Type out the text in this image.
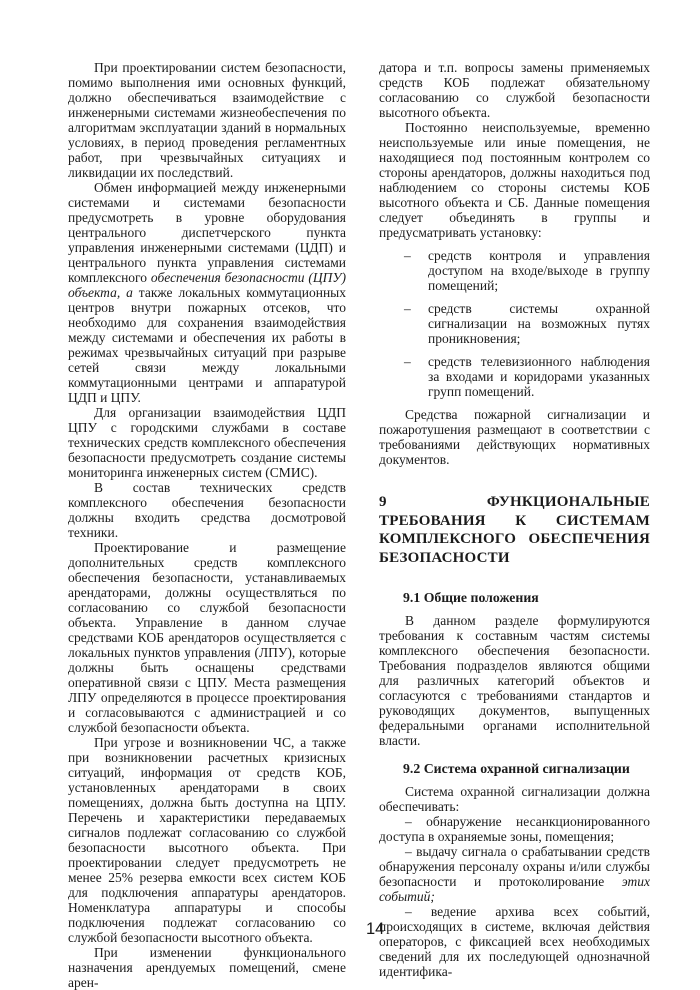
При проектировании систем безопасности, помимо выполнения ими основных функций, должно обеспечиваться взаимодействие с инженерными системами жизнеобеспечения по алгоритмам эксплуатации зданий в нормальных условиях, в период проведения регламентных работ, при чрезвычайных ситуациях и ликвидации их последствий.

Обмен информацией между инженерными системами и системами безопасности предусмотреть в уровне оборудования центрального диспетчерского пункта управления инженерными системами (ЦДП) и центрального пункта управления системами комплексного обеспечения безопасности (ЦПУ) объекта, а также локальных коммутационных центров внутри пожарных отсеков, что необходимо для сохранения взаимодействия между системами и обеспечения их работы в режимах чрезвычайных ситуаций при разрыве сетей связи между локальными коммутационными центрами и аппаратурой ЦДП и ЦПУ.

Для организации взаимодействия ЦДП ЦПУ с городскими службами в составе технических средств комплексного обеспечения безопасности предусмотреть создание системы мониторинга инженерных систем (СМИС).

В состав технических средств комплексного обеспечения безопасности должны входить средства досмотровой техники.

Проектирование и размещение дополнительных средств комплексного обеспечения безопасности, устанавливаемых арендаторами, должны осуществляться по согласованию со службой безопасности объекта. Управление в данном случае средствами КОБ арендаторов осуществляется с локальных пунктов управления (ЛПУ), которые должны быть оснащены средствами оперативной связи с ЦПУ. Места размещения ЛПУ определяются в процессе проектирования и согласовываются с администрацией и со службой безопасности объекта.

При угрозе и возникновении ЧС, а также при возникновении расчетных кризисных ситуаций, информация от средств КОБ, установленных арендаторами в своих помещениях, должна быть доступна на ЦПУ. Перечень и характеристики передаваемых сигналов подлежат согласованию со службой безопасности высотного объекта. При проектировании следует предусмотреть не менее 25% резерва емкости всех систем КОБ для подключения аппаратуры арендаторов. Номенклатура аппаратуры и способы подключения подлежат согласованию со службой безопасности высотного объекта.

При изменении функционального назначения арендуемых помещений, смене арен-

датора и т.п. вопросы замены применяемых средств КОБ подлежат обязательному согласованию со службой безопасности высотного объекта.

Постоянно неиспользуемые, временно неиспользуемые или иные помещения, не находящиеся под постоянным контролем со стороны арендаторов, должны находиться под наблюдением со стороны системы КОБ высотного объекта и СБ. Данные помещения следует объединять в группы и предусматривать установку:

– средств контроля и управления доступом на входе/выходе в группу помещений;
– средств системы охранной сигнализации на возможных путях проникновения;
– средств телевизионного наблюдения за входами и коридорами указанных групп помещений.

Средства пожарной сигнализации и пожаротушения размещают в соответствии с требованиями действующих нормативных документов.

9 ФУНКЦИОНАЛЬНЫЕ ТРЕБОВАНИЯ К СИСТЕМАМ КОМПЛЕКСНОГО ОБЕСПЕЧЕНИЯ БЕЗОПАСНОСТИ
9.1 Общие положения

В данном разделе формулируются требования к составным частям системы комплексного обеспечения безопасности. Требования подразделов являются общими для различных категорий объектов и согласуются с требованиями стандартов и руководящих документов, выпущенных федеральными органами исполнительной власти.

9.2 Система охранной сигнализации

Система охранной сигнализации должна обеспечивать:

– обнаружение несанкционированного доступа в охраняемые зоны, помещения;

– выдачу сигнала о срабатывании средств обнаружения персоналу охраны и/или службы безопасности и протоколирование этих событий;

– ведение архива всех событий, происходящих в системе, включая действия операторов, с фиксацией всех необходимых сведений для их последующей однозначной идентифика-

14
